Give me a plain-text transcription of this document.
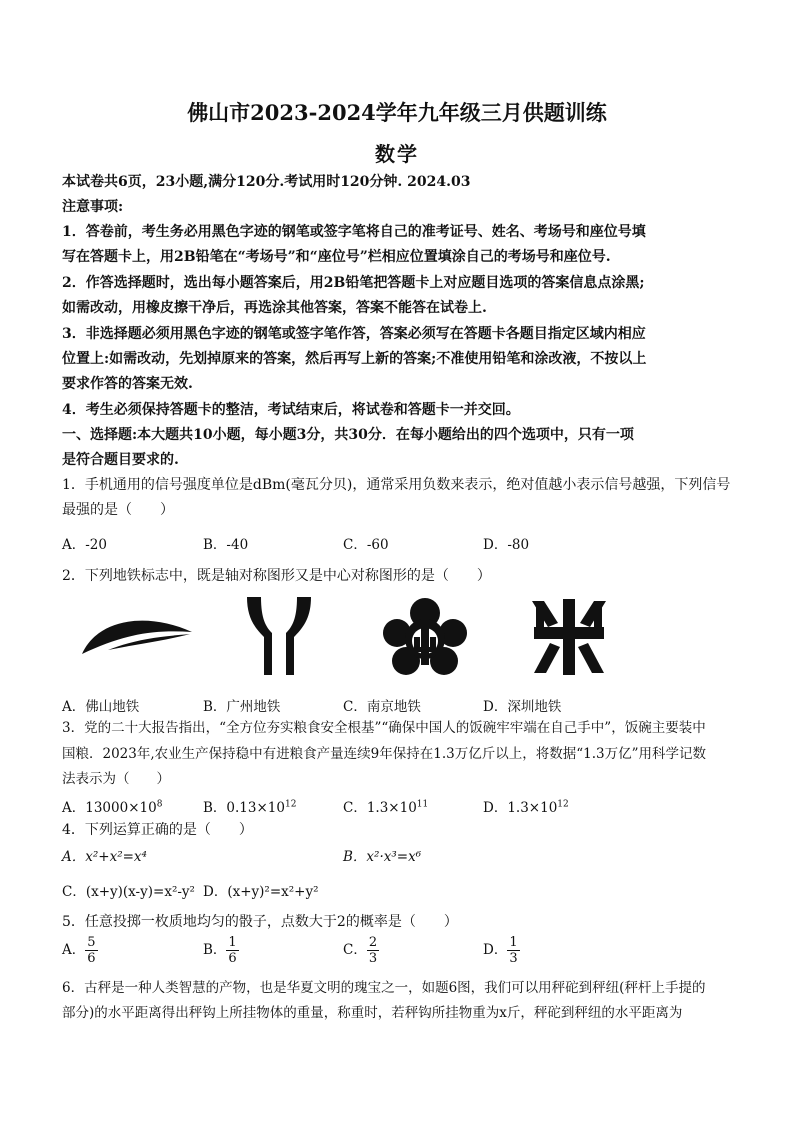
佛山市2023-2024学年九年级三月供题训练
数学
本试卷共6页，23小题,满分120分.考试用时120分钟. 2024.03
注意事项:
1．答卷前，考生务必用黑色字迹的钢笔或签字笔将自己的准考证号、姓名、考场号和座位号填
写在答题卡上，用2B铅笔在“考场号”和“座位号”栏相应位置填涂自己的考场号和座位号.
2．作答选择题时，选出每小题答案后，用2B铅笔把答题卡上对应题目选项的答案信息点涂黑;
如需改动，用橡皮擦干净后，再选涂其他答案，答案不能答在试卷上.
3．非选择题必须用黑色字迹的钢笔或签字笔作答，答案必须写在答题卡各题目指定区域内相应
位置上:如需改动，先划掉原来的答案，然后再写上新的答案;不准使用铅笔和涂改液，不按以上
要求作答的答案无效.
4．考生必须保持答题卡的整洁，考试结束后，将试卷和答题卡一并交回。
一、选择题:本大题共10小题，每小题3分，共30分．在每小题给出的四个选项中，只有一项
是符合题目要求的.
1．手机通用的信号强度单位是dBm(毫瓦分贝)，通常采用负数来表示，绝对值越小表示信号越强，下列信号
最强的是（　　）
A．-20	B．-40	C．-60	D．-80
2．下列地铁标志中，既是轴对称图形又是中心对称图形的是（　　）
A．佛山地铁	B．广州地铁	C．南京地铁	D．深圳地铁
3．党的二十大报告指出，“全方位夯实粮食安全根基”“确保中国人的饭碗牢牢端在自己手中”，饭碗主要装中
国粮．2023年,农业生产保持稳中有进粮食产量连续9年保持在1.3万亿斤以上，将数据“1.3万亿”用科学记数
法表示为（　　）
A．$13000\times 10^8$	B．$0.13\times 10^{12}$	C．$1.3\times 10^{11}$	D．$1.3\times 10^{12}$
4．下列运算正确的是（　　）
A．x²+x²=x⁴	B．x²·x³=x⁶
C．(x+y)(x-y)=x²-y² D．(x+y)²=x²+y²
5．任意投掷一枚质地均匀的骰子，点数大于2的概率是（　　）
A． $\frac{5}{6}$	B． $\frac{1}{6}$	C． $\frac{2}{3}$	D． $\frac{1}{3}$
6．古秤是一种人类智慧的产物，也是华夏文明的瑰宝之一，如题6图，我们可以用秤砣到秤纽(秤杆上手提的
部分)的水平距离得出秤钩上所挂物体的重量，称重时，若秤钩所挂物重为x斤，秤砣到秤纽的水平距离为
